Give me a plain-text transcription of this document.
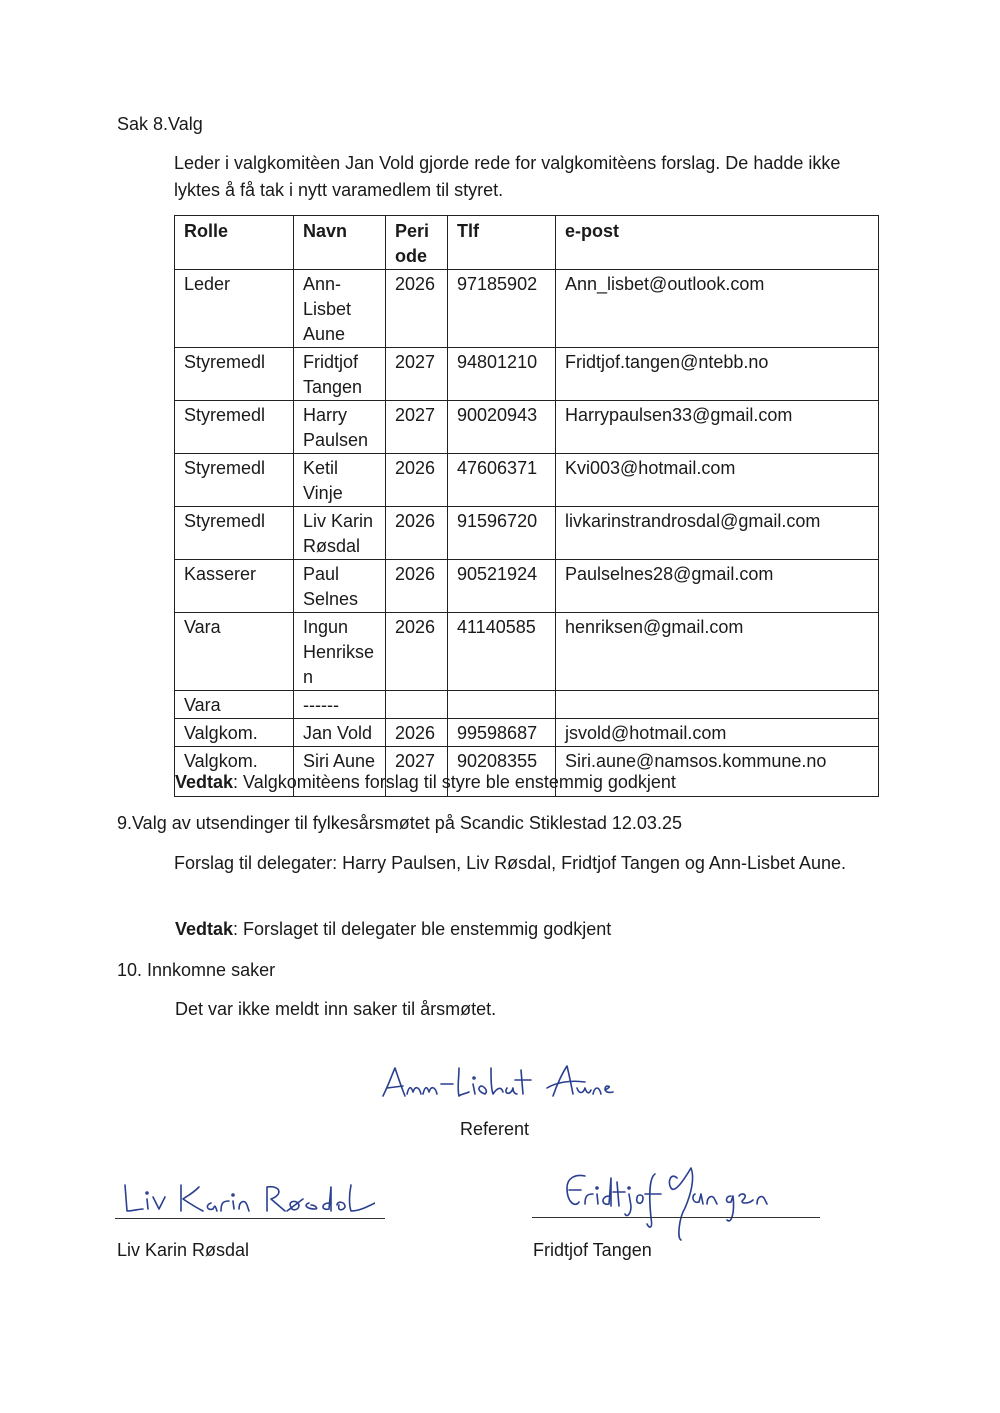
Sak 8.Valg
Leder i valgkomitèen Jan Vold gjorde rede for valgkomitèens forslag. De hadde ikke lyktes å få tak i nytt varamedlem til styret.
Rolle	Navn	Peri ode	Tlf	e-post
Leder	Ann-Lisbet Aune	2026	97185902	Ann_lisbet@outlook.com
Styremedl	Fridtjof Tangen	2027	94801210	Fridtjof.tangen@ntebb.no
Styremedl	Harry Paulsen	2027	90020943	Harrypaulsen33@gmail.com
Styremedl	Ketil Vinje	2026	47606371	Kvi003@hotmail.com
Styremedl	Liv Karin Røsdal	2026	91596720	livkarinstrandrosdal@gmail.com
Kasserer	Paul Selnes	2026	90521924	Paulselnes28@gmail.com
Vara	Ingun Henriksen	2026	41140585	henriksen@gmail.com
Vara	------			
Valgkom.	Jan Vold	2026	99598687	jsvold@hotmail.com
Valgkom.	Siri Aune	2027	90208355	Siri.aune@namsos.kommune.no
Vedtak: Valgkomitèens forslag til styre ble enstemmig godkjent
9.Valg av utsendinger til fylkesårsmøtet på Scandic Stiklestad 12.03.25
Forslag til delegater: Harry Paulsen, Liv Røsdal, Fridtjof Tangen og Ann-Lisbet Aune.
Vedtak: Forslaget til delegater ble enstemmig godkjent
10. Innkomne saker
Det var ikke meldt inn saker til årsmøtet.
Referent
Liv Karin Røsdal	Fridtjof Tangen
